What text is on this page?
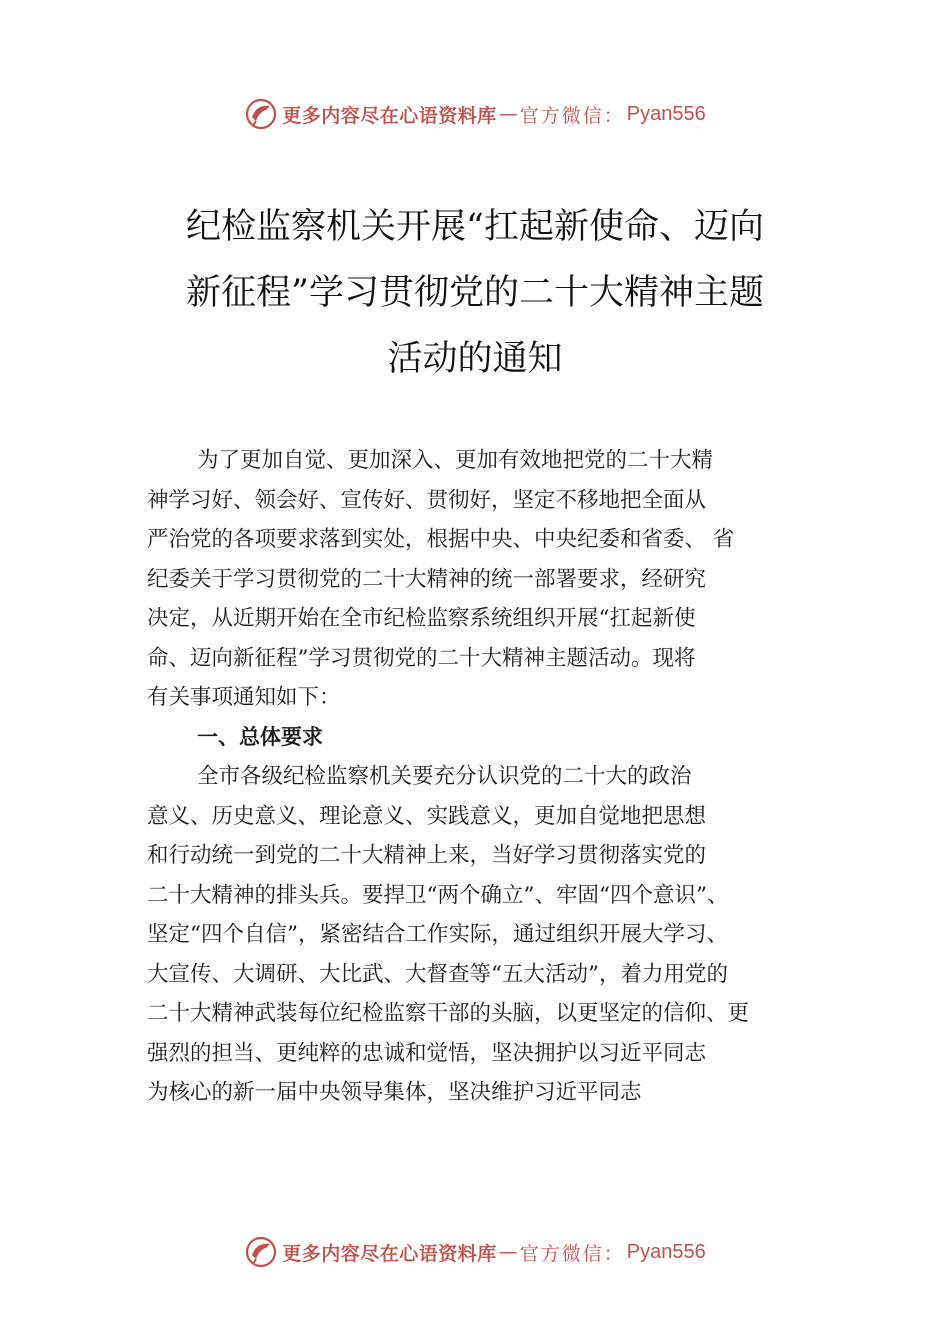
更多内容尽在心语资料库 — 官方微信： Pyan556
纪检监察机关开展“扛起新使命、迈向
新征程”学习贯彻党的二十大精神主题
活动的通知
为了更加自觉、更加深入、更加有效地把党的二十大精
神学习好、领会好、宣传好、贯彻好，坚定不移地把全面从
严治党的各项要求落到实处，根据中央、中央纪委和省委、 省
纪委关于学习贯彻党的二十大精神的统一部署要求，经研究
决定，从近期开始在全市纪检监察系统组织开展“扛起新使
命、迈向新征程”学习贯彻党的二十大精神主题活动。现将
有关事项通知如下：
一、总体要求
全市各级纪检监察机关要充分认识党的二十大的政治
意义、历史意义、理论意义、实践意义，更加自觉地把思想
和行动统一到党的二十大精神上来，当好学习贯彻落实党的
二十大精神的排头兵。要捍卫“两个确立”、牢固“四个意识”、
坚定“四个自信”，紧密结合工作实际，通过组织开展大学习、
大宣传、大调研、大比武、大督查等“五大活动”，着力用党的
二十大精神武装每位纪检监察干部的头脑，以更坚定的信仰、更
强烈的担当、更纯粹的忠诚和觉悟，坚决拥护以习近平同志
为核心的新一届中央领导集体，坚决维护习近平同志
更多内容尽在心语资料库 — 官方微信： Pyan556
